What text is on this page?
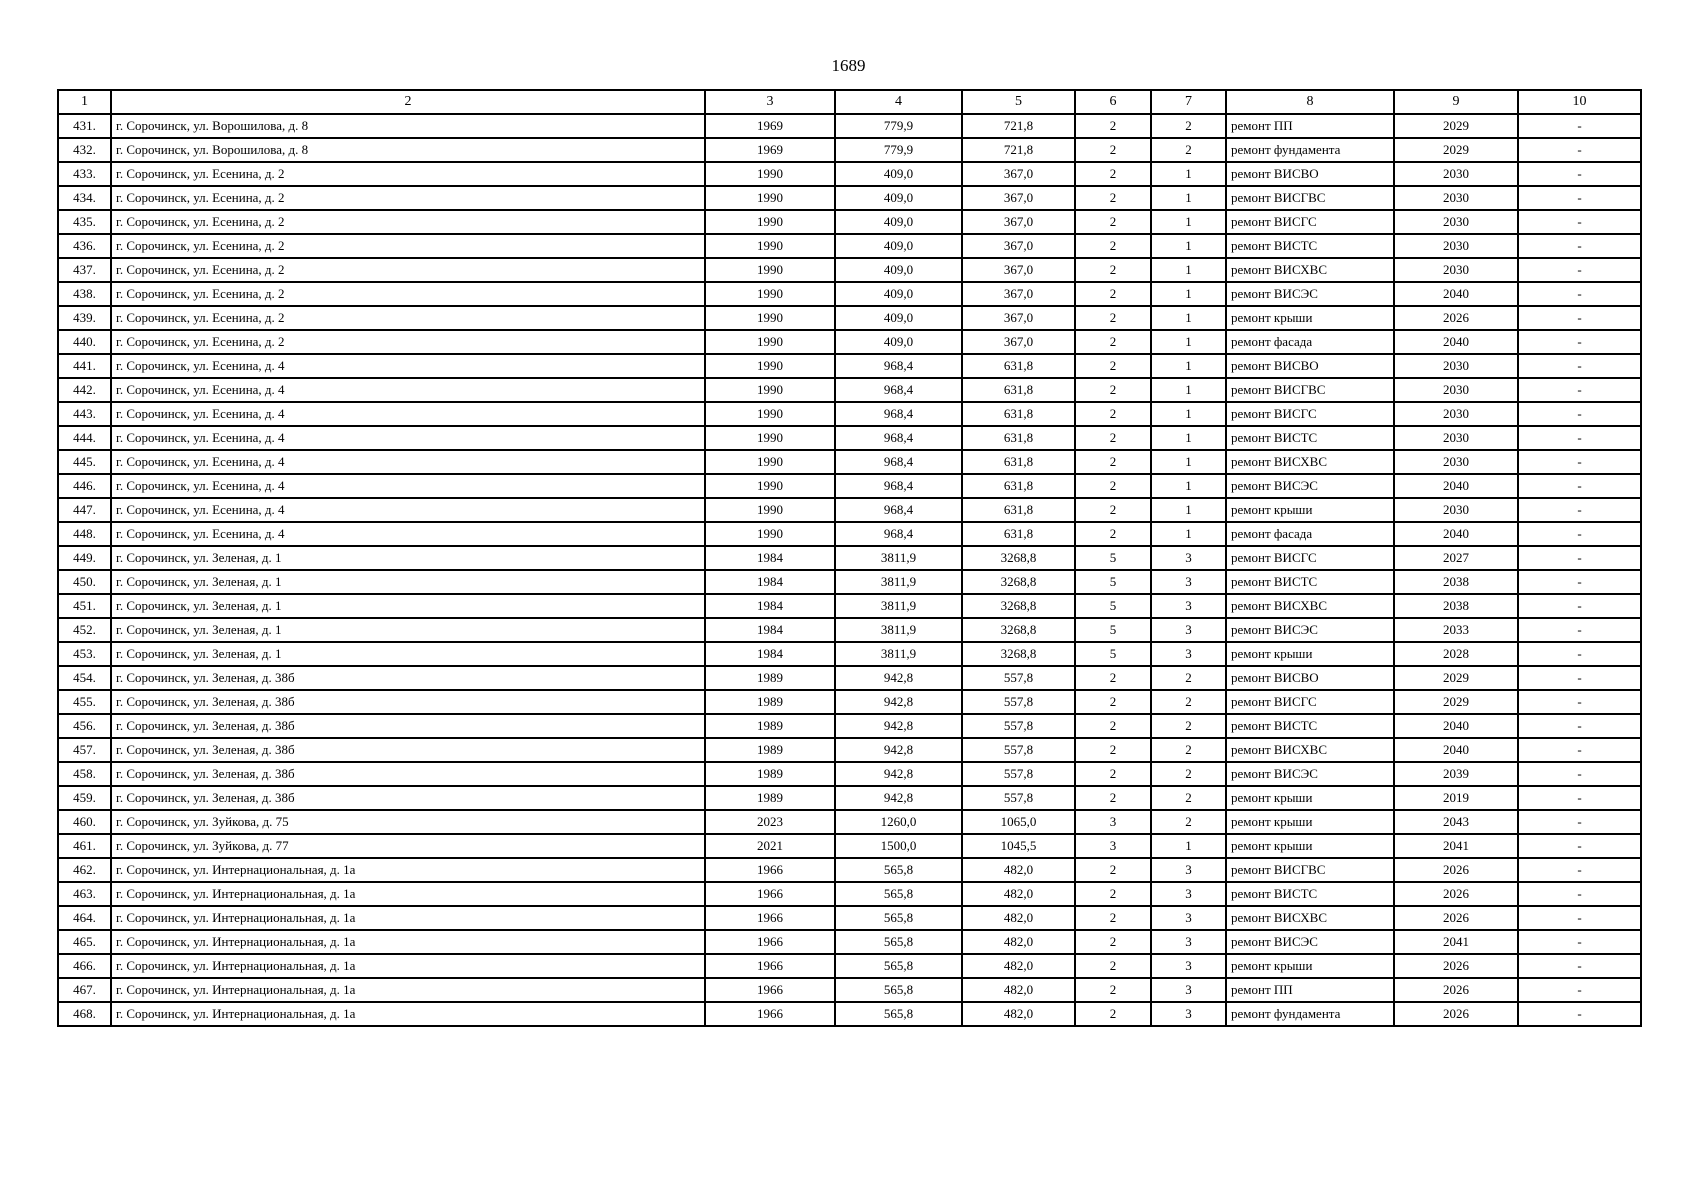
1689
1	2	3	4	5	6	7	8	9	10
431.	г. Сорочинск, ул. Ворошилова, д. 8	1969	779,9	721,8	2	2	ремонт ПП	2029	-
432.	г. Сорочинск, ул. Ворошилова, д. 8	1969	779,9	721,8	2	2	ремонт фундамента	2029	-
433.	г. Сорочинск, ул. Есенина, д. 2	1990	409,0	367,0	2	1	ремонт ВИСВО	2030	-
434.	г. Сорочинск, ул. Есенина, д. 2	1990	409,0	367,0	2	1	ремонт ВИСГВС	2030	-
435.	г. Сорочинск, ул. Есенина, д. 2	1990	409,0	367,0	2	1	ремонт ВИСГС	2030	-
436.	г. Сорочинск, ул. Есенина, д. 2	1990	409,0	367,0	2	1	ремонт ВИСТС	2030	-
437.	г. Сорочинск, ул. Есенина, д. 2	1990	409,0	367,0	2	1	ремонт ВИСХВС	2030	-
438.	г. Сорочинск, ул. Есенина, д. 2	1990	409,0	367,0	2	1	ремонт ВИСЭС	2040	-
439.	г. Сорочинск, ул. Есенина, д. 2	1990	409,0	367,0	2	1	ремонт крыши	2026	-
440.	г. Сорочинск, ул. Есенина, д. 2	1990	409,0	367,0	2	1	ремонт фасада	2040	-
441.	г. Сорочинск, ул. Есенина, д. 4	1990	968,4	631,8	2	1	ремонт ВИСВО	2030	-
442.	г. Сорочинск, ул. Есенина, д. 4	1990	968,4	631,8	2	1	ремонт ВИСГВС	2030	-
443.	г. Сорочинск, ул. Есенина, д. 4	1990	968,4	631,8	2	1	ремонт ВИСГС	2030	-
444.	г. Сорочинск, ул. Есенина, д. 4	1990	968,4	631,8	2	1	ремонт ВИСТС	2030	-
445.	г. Сорочинск, ул. Есенина, д. 4	1990	968,4	631,8	2	1	ремонт ВИСХВС	2030	-
446.	г. Сорочинск, ул. Есенина, д. 4	1990	968,4	631,8	2	1	ремонт ВИСЭС	2040	-
447.	г. Сорочинск, ул. Есенина, д. 4	1990	968,4	631,8	2	1	ремонт крыши	2030	-
448.	г. Сорочинск, ул. Есенина, д. 4	1990	968,4	631,8	2	1	ремонт фасада	2040	-
449.	г. Сорочинск, ул. Зеленая, д. 1	1984	3811,9	3268,8	5	3	ремонт ВИСГС	2027	-
450.	г. Сорочинск, ул. Зеленая, д. 1	1984	3811,9	3268,8	5	3	ремонт ВИСТС	2038	-
451.	г. Сорочинск, ул. Зеленая, д. 1	1984	3811,9	3268,8	5	3	ремонт ВИСХВС	2038	-
452.	г. Сорочинск, ул. Зеленая, д. 1	1984	3811,9	3268,8	5	3	ремонт ВИСЭС	2033	-
453.	г. Сорочинск, ул. Зеленая, д. 1	1984	3811,9	3268,8	5	3	ремонт крыши	2028	-
454.	г. Сорочинск, ул. Зеленая, д. 38б	1989	942,8	557,8	2	2	ремонт ВИСВО	2029	-
455.	г. Сорочинск, ул. Зеленая, д. 38б	1989	942,8	557,8	2	2	ремонт ВИСГС	2029	-
456.	г. Сорочинск, ул. Зеленая, д. 38б	1989	942,8	557,8	2	2	ремонт ВИСТС	2040	-
457.	г. Сорочинск, ул. Зеленая, д. 38б	1989	942,8	557,8	2	2	ремонт ВИСХВС	2040	-
458.	г. Сорочинск, ул. Зеленая, д. 38б	1989	942,8	557,8	2	2	ремонт ВИСЭС	2039	-
459.	г. Сорочинск, ул. Зеленая, д. 38б	1989	942,8	557,8	2	2	ремонт крыши	2019	-
460.	г. Сорочинск, ул. Зуйкова, д. 75	2023	1260,0	1065,0	3	2	ремонт крыши	2043	-
461.	г. Сорочинск, ул. Зуйкова, д. 77	2021	1500,0	1045,5	3	1	ремонт крыши	2041	-
462.	г. Сорочинск, ул. Интернациональная, д. 1а	1966	565,8	482,0	2	3	ремонт ВИСГВС	2026	-
463.	г. Сорочинск, ул. Интернациональная, д. 1а	1966	565,8	482,0	2	3	ремонт ВИСТС	2026	-
464.	г. Сорочинск, ул. Интернациональная, д. 1а	1966	565,8	482,0	2	3	ремонт ВИСХВС	2026	-
465.	г. Сорочинск, ул. Интернациональная, д. 1а	1966	565,8	482,0	2	3	ремонт ВИСЭС	2041	-
466.	г. Сорочинск, ул. Интернациональная, д. 1а	1966	565,8	482,0	2	3	ремонт крыши	2026	-
467.	г. Сорочинск, ул. Интернациональная, д. 1а	1966	565,8	482,0	2	3	ремонт ПП	2026	-
468.	г. Сорочинск, ул. Интернациональная, д. 1а	1966	565,8	482,0	2	3	ремонт фундамента	2026	-
